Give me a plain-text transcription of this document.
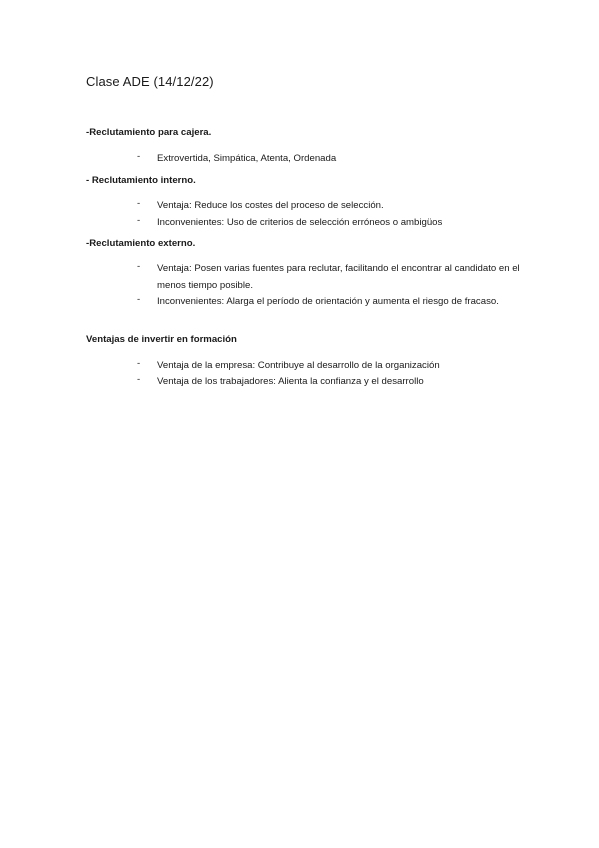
Clase ADE (14/12/22)
-Reclutamiento para cajera.
- Extrovertida, Simpática, Atenta, Ordenada
- Reclutamiento interno.
- Ventaja: Reduce los costes del proceso de selección.
- Inconvenientes: Uso de criterios de selección erróneos o ambigüos
-Reclutamiento externo.
- Ventaja: Posen varias fuentes para reclutar, facilitando el encontrar al candidato en el menos tiempo posible.
- Inconvenientes: Alarga el período de orientación y aumenta el riesgo de fracaso.
Ventajas de invertir en formación
- Ventaja de la empresa: Contribuye al desarrollo de la organización
- Ventaja de los trabajadores: Alienta la confianza y el desarrollo
